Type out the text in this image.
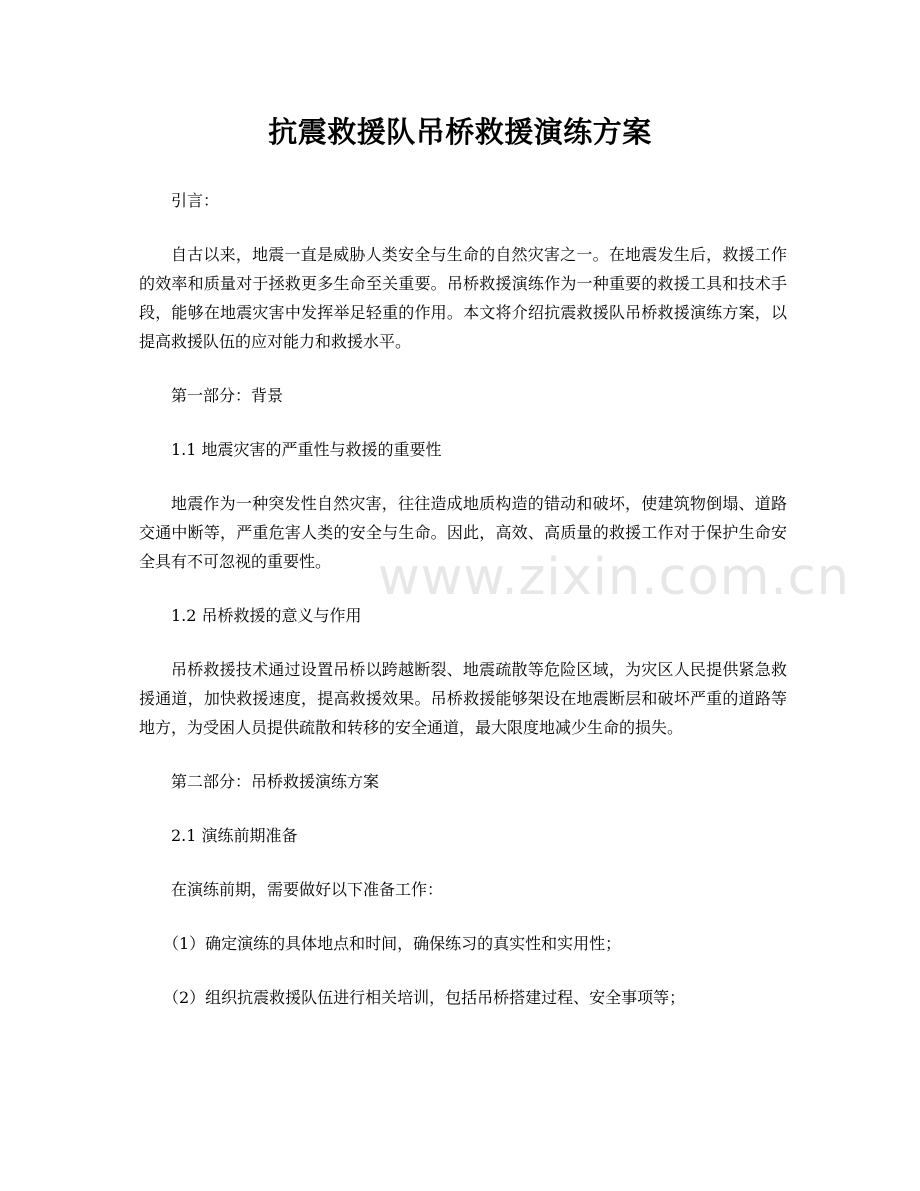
抗震救援队吊桥救援演练方案

引言：

自古以来，地震一直是威胁人类安全与生命的自然灾害之一。在地震发生后，救援工作的效率和质量对于拯救更多生命至关重要。吊桥救援演练作为一种重要的救援工具和技术手段，能够在地震灾害中发挥举足轻重的作用。本文将介绍抗震救援队吊桥救援演练方案，以提高救援队伍的应对能力和救援水平。

第一部分：背景

1.1 地震灾害的严重性与救援的重要性

地震作为一种突发性自然灾害，往往造成地质构造的错动和破坏，使建筑物倒塌、道路交通中断等，严重危害人类的安全与生命。因此，高效、高质量的救援工作对于保护生命安全具有不可忽视的重要性。

1.2 吊桥救援的意义与作用

吊桥救援技术通过设置吊桥以跨越断裂、地震疏散等危险区域，为灾区人民提供紧急救援通道，加快救援速度，提高救援效果。吊桥救援能够架设在地震断层和破坏严重的道路等地方，为受困人员提供疏散和转移的安全通道，最大限度地减少生命的损失。

第二部分：吊桥救援演练方案

2.1 演练前期准备

在演练前期，需要做好以下准备工作：

（1）确定演练的具体地点和时间，确保练习的真实性和实用性；

（2）组织抗震救援队伍进行相关培训，包括吊桥搭建过程、安全事项等；

www.zixin.com.cn
